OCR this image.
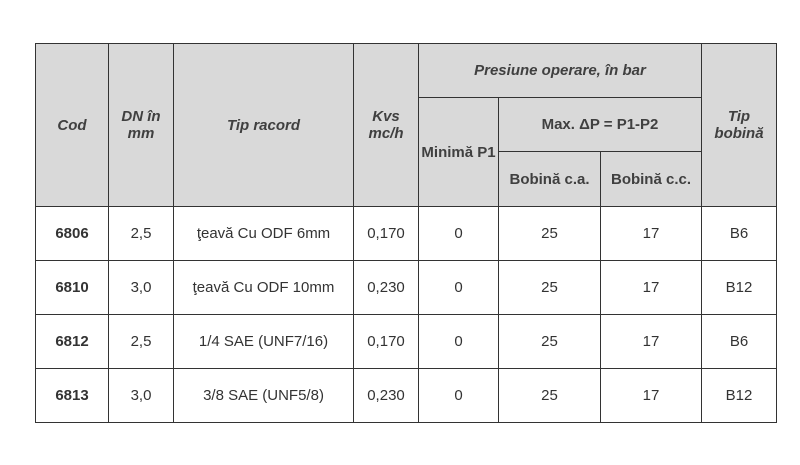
Cod	DN în mm	Tip racord	Kvs mc/h	Presiune operare, în bar			Tip bobină
				Minimă P1	Max. ΔP = P1-P2		
					Bobină c.a.	Bobină c.c.	
6806	2,5	ţeavă Cu ODF 6mm	0,170	0	25	17	B6
6810	3,0	ţeavă Cu ODF 10mm	0,230	0	25	17	B12
6812	2,5	1/4 SAE (UNF7/16)	0,170	0	25	17	B6
6813	3,0	3/8 SAE (UNF5/8)	0,230	0	25	17	B12
